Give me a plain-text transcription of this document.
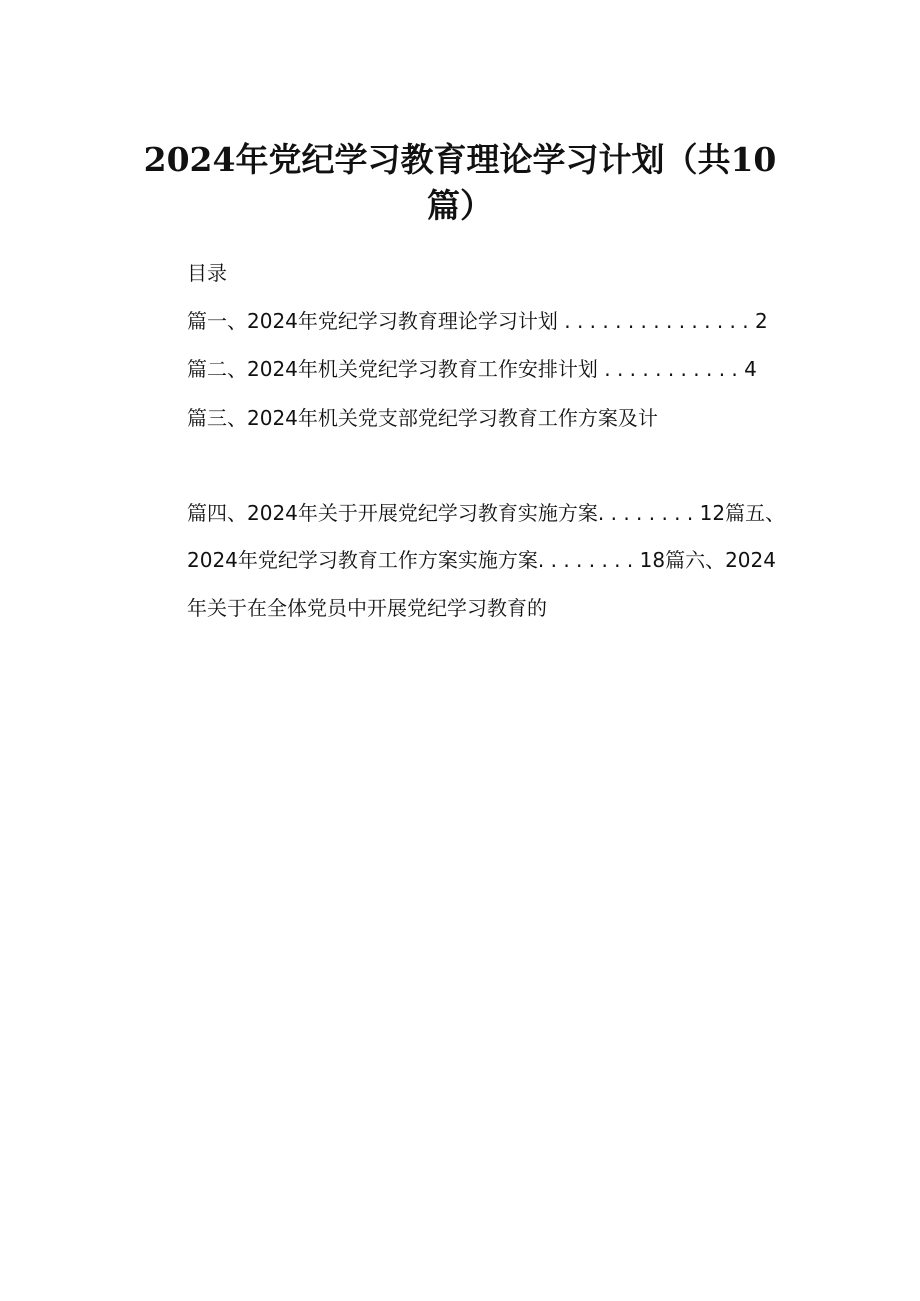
2024年党纪学习教育理论学习计划（共10
篇）
目录
篇一、2024年党纪学习教育理论学习计划 . . . . . . . . . . . . . . . 2
篇二、2024年机关党纪学习教育工作安排计划 . . . . . . . . . . . 4
篇三、2024年机关党支部党纪学习教育工作方案及计
篇四、2024年关于开展党纪学习教育实施方案. . . . . . . . 12篇五、
2024年党纪学习教育工作方案实施方案. . . . . . . . 18篇六、2024
年关于在全体党员中开展党纪学习教育的
